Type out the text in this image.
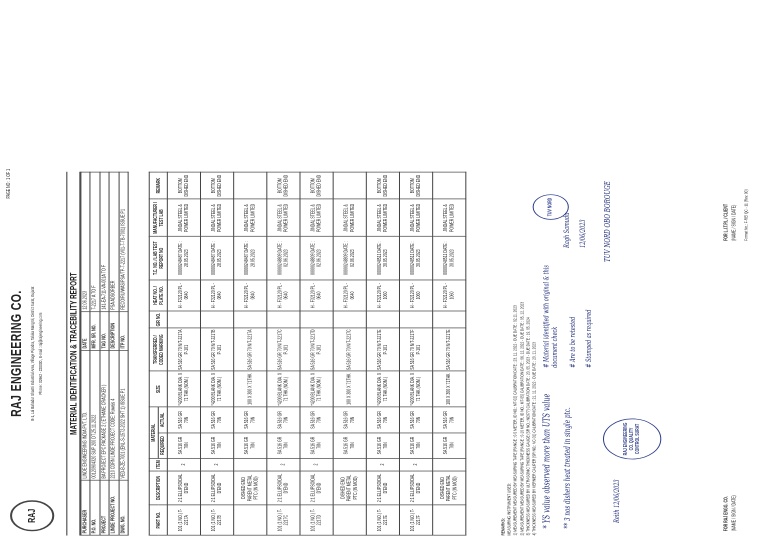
RAJ
RAJ ENGINEERING CO. B-1, Lal Bahadur Shastri Industrial Area, Village Pipodra, Taluka Mangrol, District Surat, Gujarat Phone : 02662 - 220000 , E-mail : raj@rajengineering.com
PAGE NO : 1 OF 1
MATERIAL IDENTIFICATION & TRACEBILITY REPORT
PURCHASER	LINDE ENGINEERING INDIA PVT. LTD.	DATE	12.06.2023
P.O. NO.	00120904320 SUP 200 DT.25.11.2022	MFR. SR. NO.	T-2217 A TO F
PROJECT	BA PROJECT EPC PACKAGE 2 ( ETHANE CRACKER )	TAG NO.	141-EA-711-VA-001A TO F
LINDE PROJECT NO.	2210 CDRN LINDE PROJECT CODE: Ruwais 4	DESCRIPTION	PSA ADSORBER
DWG. NO.	VED-B-ZE-7001 (ENL-S-1572-2022 SHT 1) ISSUE P1	ITP NO.	RECO/RU/WAS/PSA/TP-T-2217 (V01-T-TB-7001) ISSUE P1
PART NO.	DESCRIPTION	ITEM	MATERIAL		SIZE	TRANSFERRED / CODED MARKING	GIR NO.	HEAT NO. / PLATE NO.	T.C. NO. / LAB TEST REPORT NO	MANUFACTURER / TEST LAB	REMARK
			REQUIRED	ACTUAL							
101 (1 NO.) T-2217A	2:1 ELLIPSOIDAL D'END	2	SA 516 GR 70N	SA 516 GR 70N	*4200 BLANK DIA. X 71 THK (NOM.)	SA 516 GR 70 N/T-2217A P-101		H - F32120 PL - 0840	00000248487 DATE : 28.05.2023	JINDAL STEEL & POWER LIMITED	BOTTOM DISHED END
101 (1 NO.) T-2217B	2:1 ELLIPSOIDAL D'END	2	SA 516 GR 70N	SA 516 GR 70N	*4200 BLANK DIA. X 71 THK (NOM.)	SA 516 GR 70 N/T-2217B P-101		H - F32120 PL - 0840	00000248487 DATE : 28.05.2023	JINDAL STEEL & POWER LIMITED	BOTTOM DISHED END
	DISHED END PARENT METAL PTC (IN MOD)		SA 516 GR 70N	SA 516 GR 70N	100 X 300 X 71THK	SA 516 GR 70 N/T-2217A		H - F32120 PL - 0840	00000248487 DATE : 28.05.2023	JINDAL STEEL & POWER LIMITED	
101 (1 NO.) T-2217C	2:1 ELLIPSOIDAL D'END	2	SA 516 GR 70N	SA 516 GR 70N	*4200 BLANK DIA. X 71 THK (NOM.)	SA 516 GR 70 N/T-2217C P-101		H - F32120 PL - 0640	00000248809 DATE : 02.06.2023	JINDAL STEEL & POWER LIMITED	BOTTOM DISHED END
101 (1 NO.) T-2217D	2:1 ELLIPSOIDAL D'END	2	SA 516 GR 70N	SA 516 GR 70N	*4200 BLANK DIA. X 71 THK (NOM.)	SA 516 GR 70 N/T-2217D P-101		H - F32120 PL - 0640	00000248809 DATE : 02.06.2023	JINDAL STEEL & POWER LIMITED	BOTTOM DISHED END
	DISHED END PARENT METAL PTC (IN MOD)		SA 516 GR 70N	SA 516 GR 70N	100 X 300 X 71THK	SA 516 GR 70 N/T-2217C		H - F32120 PL - 0640	00000248809 DATE : 02.06.2023	JINDAL STEEL & POWER LIMITED	
101 (1 NO.) T-2217E	2:1 ELLIPSOIDAL D'END	2	SA 516 GR 70N	SA 516 GR 70N	*4200 BLANK DIA. X 71 THK (NOM.)	SA 516 GR 70 N/T-2217E P-101		H - F32120 PL - 1060	00000248511 DATE : 30.05.2023	JINDAL STEEL & POWER LIMITED	BOTTOM DISHED END
101 (1 NO.) T-2217F	2:1 ELLIPSOIDAL D'END	2	SA 516 GR 70N	SA 516 GR 70N	*4200 BLANK DIA. X 71 THK (NOM.)	SA 516 GR 70 N/T-2217F P-101		H - F32120 PL - 1060	00000248511 DATE : 30.05.2023	JINDAL STEEL & POWER LIMITED	BOTTOM DISHED END
	DISHED END PARENT METAL PTC (IN MOD)		SA 516 GR 70N	SA 516 GR 70N	100 X 300 X 71THK	SA 516 GR 70 N/T-2217E		H - F32120 PL - 1060	00000248511 DATE : 30.05.2023	JINDAL STEEL & POWER LIMITED	
REMARKS: MEASURING INSTRUMENT USED: 1) MEASUREMENT MEASURED BY MEASURING TAPE (RANGE : 0-5 METER, ID NO.: MT-02) CALIBRATION DATE : 23. 11. 2022 - DUE DATE : 02.11. 2023 2) MEASUREMENT MEASURED BY MEASURING TAPE (RANGE : 0-10 METER, ID NO.: MT-05) CALIBRATION DATE : 06. 12. 2022 - DUE DATE : 05. 12. 2023 3) THICKNESS MEASURED BY ULTRASONIC THICKNESS GAUGE (SR NO.: NC977) CALIBRATION DATE : 20. 05. 2023 - DUE DATE : 19. 05. 2024 4) THICKNESS MEASURED BY VERNIER CALIPER (SR NO.: VC-01) CALIBRATION DATE : 21. 11. 2022 - DUE DATE : 20. 11. 2023 * YS value observed more than UTS value ** 3 nos dishers heat treated in single ptc.
# Material identified with original & this document check # Are to be retested # Stamped as required
TUV NORD OBO BOROUGE
Ragh Samudu 12/06/2023
Reith 12/06/2023
RAJ ENGINEERING CO. QUALITY CONTROL SURAT
TUV NORD
FOR RAJ ENGG. CO. (NAME / SIGN / DATE)
FOR L.I.T.P.L / CLIENT (NAME / SIGN / DATE) Format No.: F-RE/ QC - 11 (Rev. 00)
